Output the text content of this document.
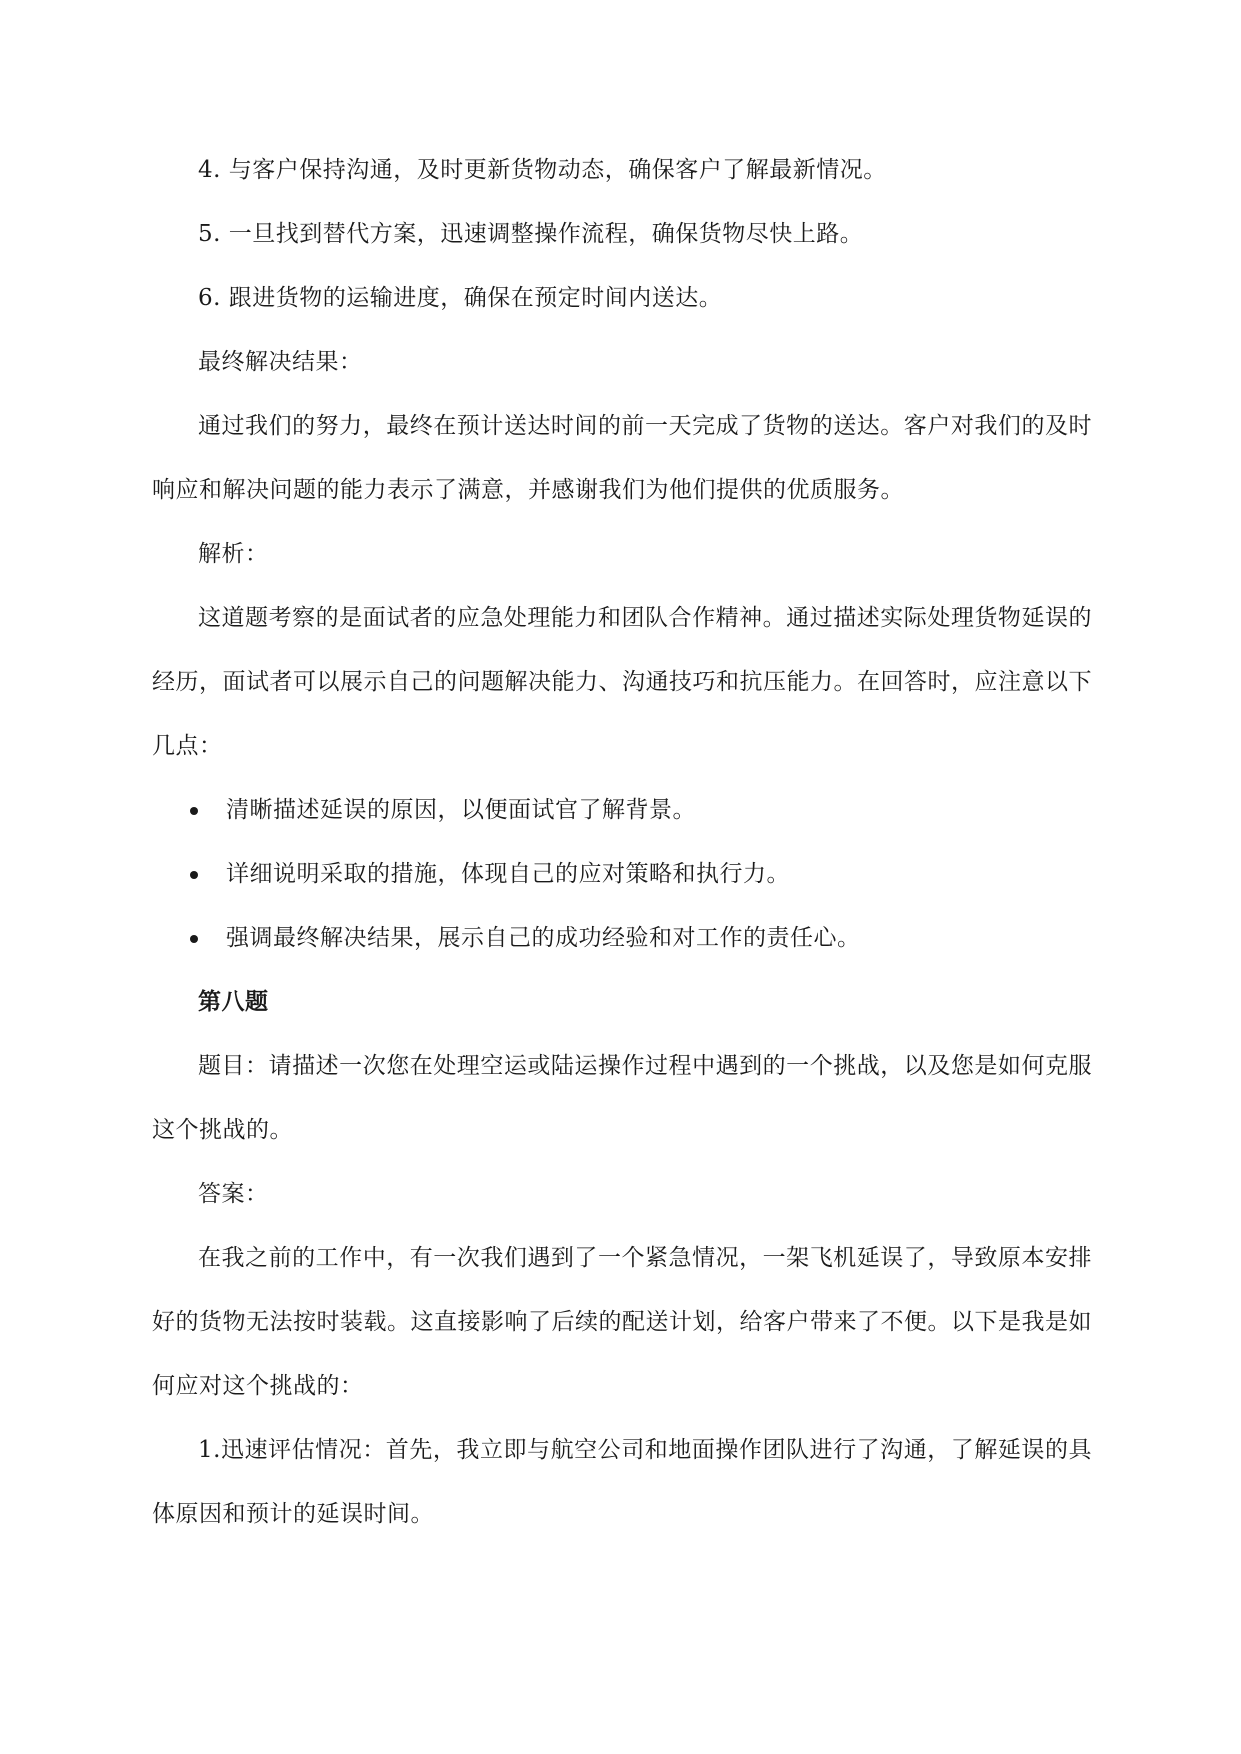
4. 与客户保持沟通，及时更新货物动态，确保客户了解最新情况。

5. 一旦找到替代方案，迅速调整操作流程，确保货物尽快上路。

6. 跟进货物的运输进度，确保在预定时间内送达。

最终解决结果：

通过我们的努力，最终在预计送达时间的前一天完成了货物的送达。客户对我们的及时响应和解决问题的能力表示了满意，并感谢我们为他们提供的优质服务。

解析：

这道题考察的是面试者的应急处理能力和团队合作精神。通过描述实际处理货物延误的经历，面试者可以展示自己的问题解决能力、沟通技巧和抗压能力。在回答时，应注意以下几点：

清晰描述延误的原因，以便面试官了解背景。
详细说明采取的措施，体现自己的应对策略和执行力。
强调最终解决结果，展示自己的成功经验和对工作的责任心。

第八题

题目：请描述一次您在处理空运或陆运操作过程中遇到的一个挑战，以及您是如何克服这个挑战的。

答案：

在我之前的工作中，有一次我们遇到了一个紧急情况，一架飞机延误了，导致原本安排好的货物无法按时装载。这直接影响了后续的配送计划，给客户带来了不便。以下是我是如何应对这个挑战的：

1.迅速评估情况：首先，我立即与航空公司和地面操作团队进行了沟通，了解延误的具体原因和预计的延误时间。
